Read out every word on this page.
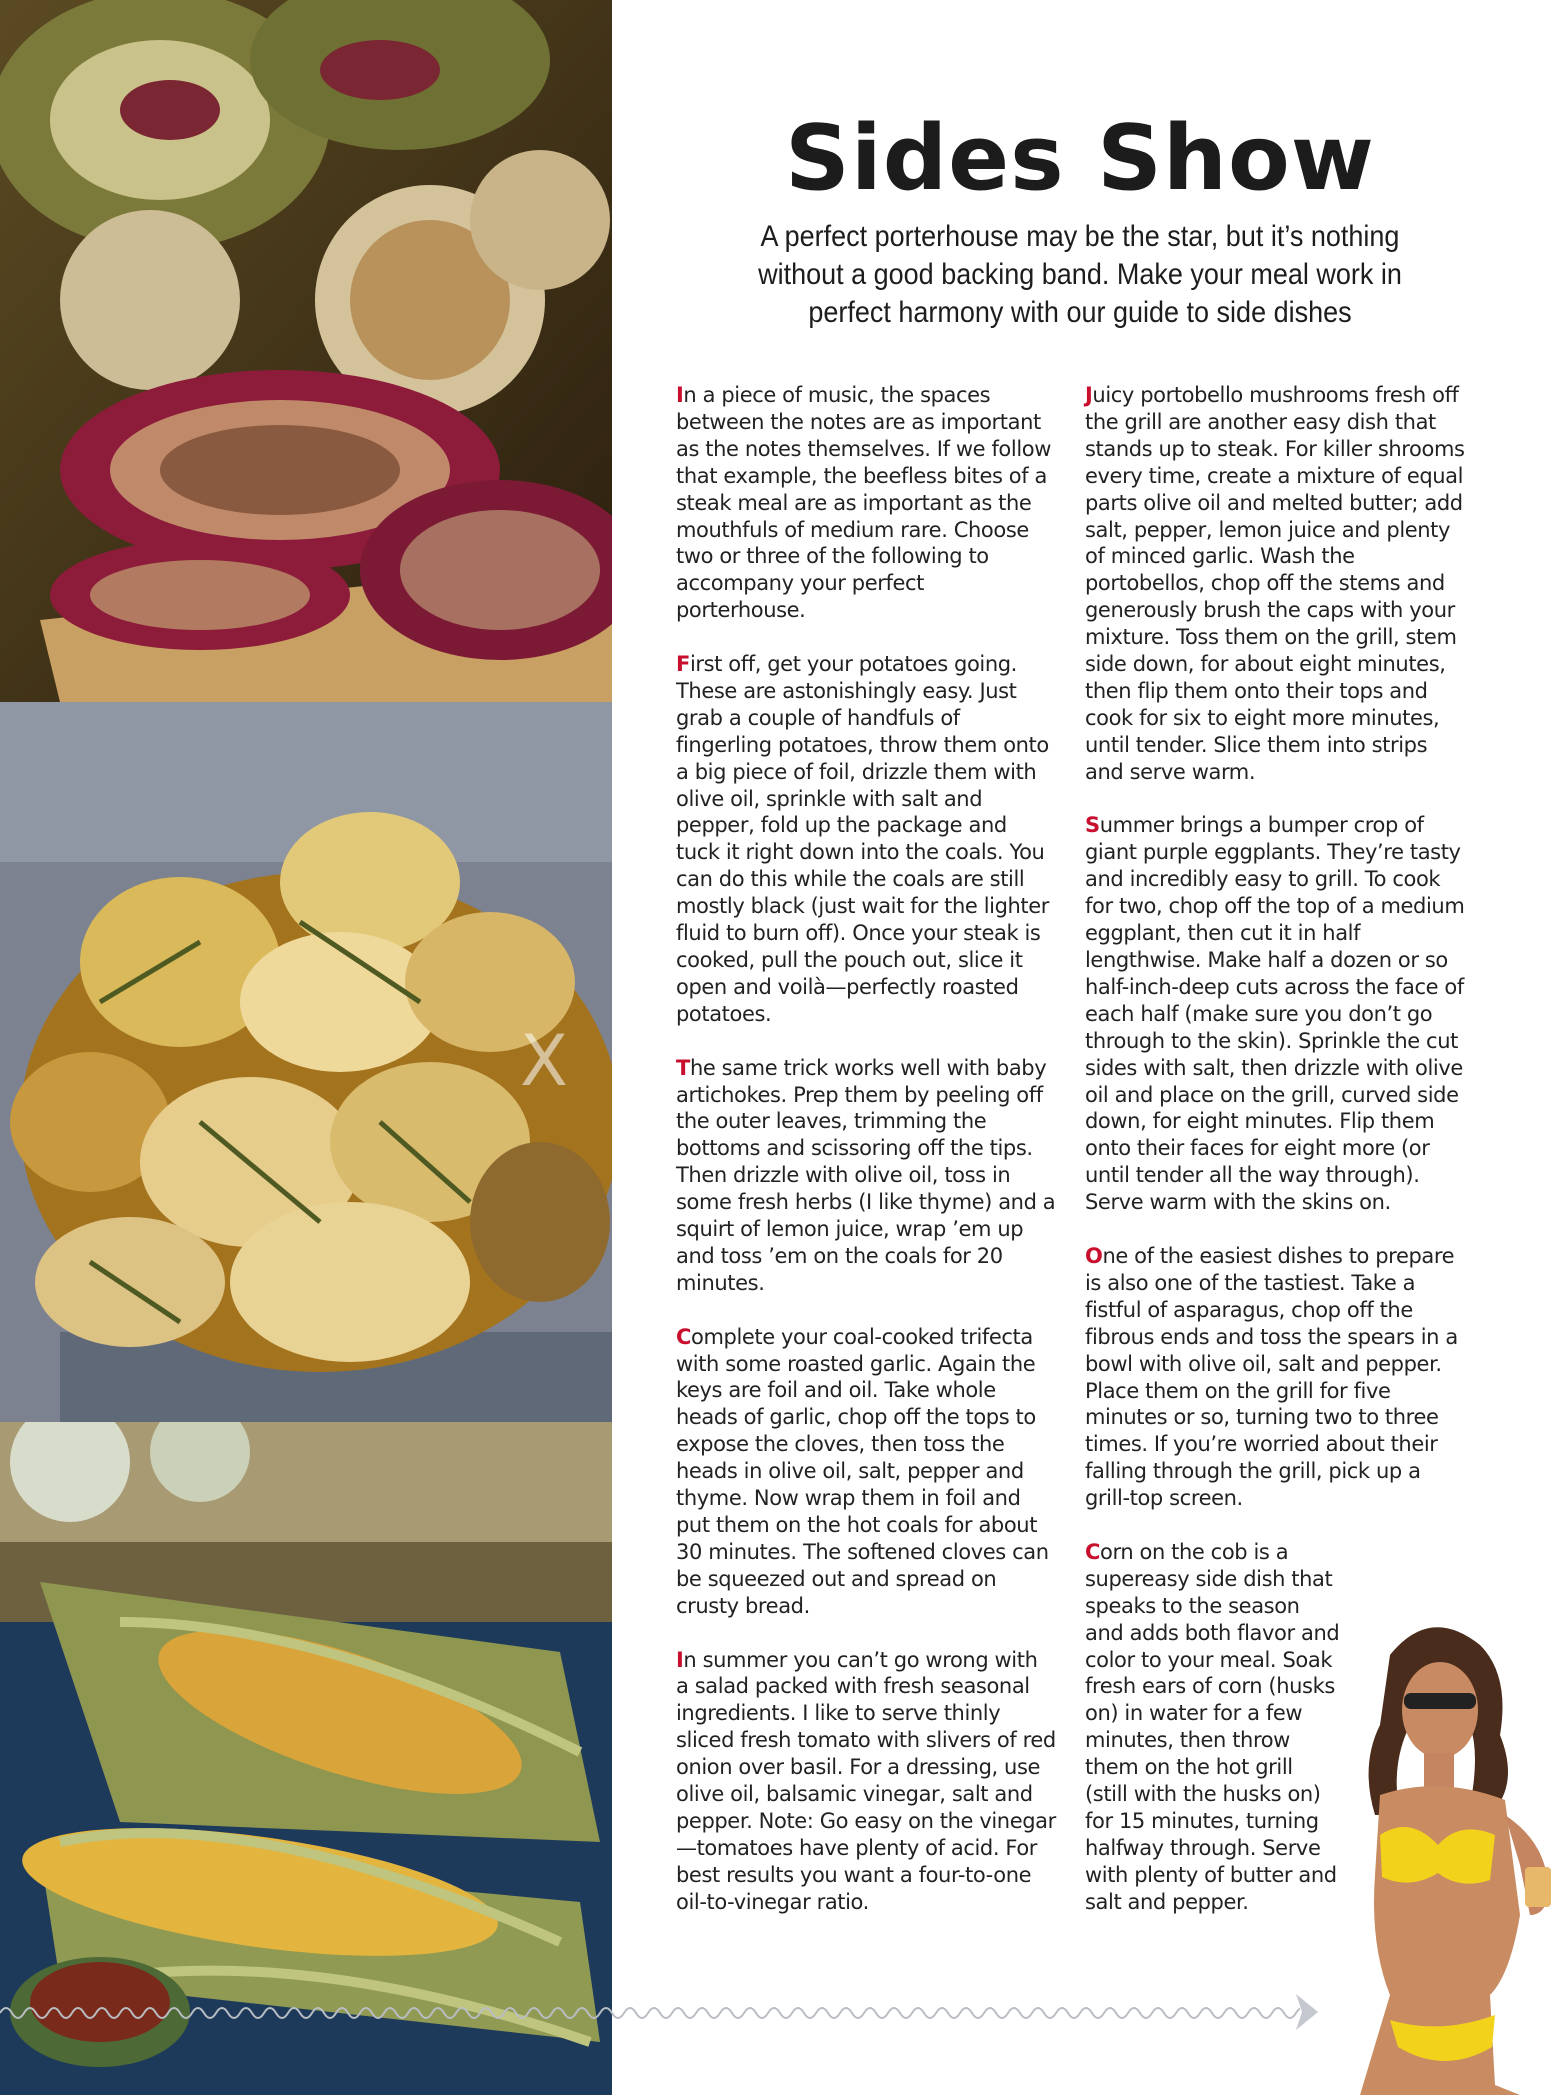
X
Sides Show
A perfect porterhouse may be the star, but it’s nothing without a good backing band. Make your meal work in perfect harmony with our guide to side dishes

In a piece of music, the spaces between the notes are as important as the notes themselves. If we follow that example, the beefless bites of a steak meal are as important as the mouthfuls of medium rare. Choose two or three of the following to accompany your perfect porterhouse.

First off, get your potatoes going. These are astonishingly easy. Just grab a couple of handfuls of fingerling potatoes, throw them onto a big piece of foil, drizzle them with olive oil, sprinkle with salt and pepper, fold up the package and tuck it right down into the coals. You can do this while the coals are still mostly black (just wait for the lighter fluid to burn off). Once your steak is cooked, pull the pouch out, slice it open and voilà—perfectly roasted potatoes.

The same trick works well with baby artichokes. Prep them by peeling off the outer leaves, trimming the bottoms and scissoring off the tips. Then drizzle with olive oil, toss in some fresh herbs (I like thyme) and a squirt of lemon juice, wrap ’em up and toss ’em on the coals for 20 minutes.

Complete your coal-cooked trifecta with some roasted garlic. Again the keys are foil and oil. Take whole heads of garlic, chop off the tops to expose the cloves, then toss the heads in olive oil, salt, pepper and thyme. Now wrap them in foil and put them on the hot coals for about 30 minutes. The softened cloves can be squeezed out and spread on crusty bread.

In summer you can’t go wrong with a salad packed with fresh seasonal ingredients. I like to serve thinly sliced fresh tomato with slivers of red onion over basil. For a dressing, use olive oil, balsamic vinegar, salt and pepper. Note: Go easy on the vinegar—tomatoes have plenty of acid. For best results you want a four-to-one oil-to-vinegar ratio.

Juicy portobello mushrooms fresh off the grill are another easy dish that stands up to steak. For killer shrooms every time, create a mixture of equal parts olive oil and melted butter; add salt, pepper, lemon juice and plenty of minced garlic. Wash the portobellos, chop off the stems and generously brush the caps with your mixture. Toss them on the grill, stem side down, for about eight minutes, then flip them onto their tops and cook for six to eight more minutes, until tender. Slice them into strips and serve warm.

Summer brings a bumper crop of giant purple eggplants. They’re tasty and incredibly easy to grill. To cook for two, chop off the top of a medium eggplant, then cut it in half lengthwise. Make half a dozen or so half-inch-deep cuts across the face of each half (make sure you don’t go through to the skin). Sprinkle the cut sides with salt, then drizzle with olive oil and place on the grill, curved side down, for eight minutes. Flip them onto their faces for eight more (or until tender all the way through). Serve warm with the skins on.

One of the easiest dishes to prepare is also one of the tastiest. Take a fistful of asparagus, chop off the fibrous ends and toss the spears in a bowl with olive oil, salt and pepper. Place them on the grill for five minutes or so, turning two to three times. If you’re worried about their falling through the grill, pick up a grill-top screen.

Corn on the cob is a supereasy side dish that speaks to the season and adds both flavor and color to your meal. Soak fresh ears of corn (husks on) in water for a few minutes, then throw them on the hot grill (still with the husks on) for 15 minutes, turning halfway through. Serve with plenty of butter and salt and pepper.
